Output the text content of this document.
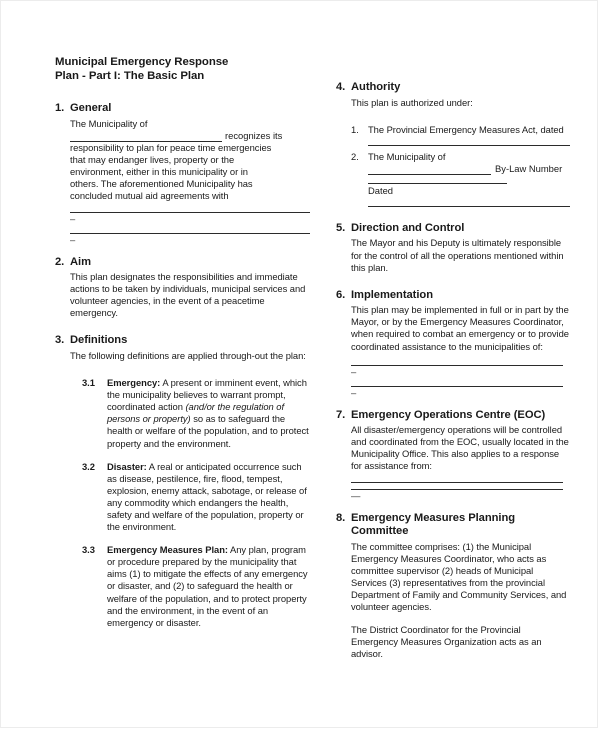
Municipal Emergency Response
Plan - Part I: The Basic Plan
1. General
The Municipality of
recognizes its
responsibility to plan for peace time emergencies
that may endanger lives, property or the
environment, either in this municipality or in
others. The aforementioned Municipality has
concluded mutual aid agreements with
–
–
2. Aim
This plan designates the responsibilities and immediate actions to be taken by individuals, municipal services and volunteer agencies, in the event of a peacetime emergency.
3. Definitions
The following definitions are applied through-out the plan:
3.1	Emergency: A present or imminent event, which the municipality believes to warrant prompt, coordinated action (and/or the regulation of persons or property) so as to safeguard the health or welfare of the population, and to protect property and the environment.
3.2	Disaster: A real or anticipated occurrence such as disease, pestilence, fire, flood, tempest, explosion, enemy attack, sabotage, or release of any commodity which endangers the health, safety and welfare of the population, property or the environment.
3.3	Emergency Measures Plan: Any plan, program or procedure prepared by the municipality that aims (1) to mitigate the effects of any emergency or disaster, and (2) to safeguard the health or welfare of the population, and to protect property and the environment, in the event of an emergency or disaster.
4. Authority
This plan is authorized under:
1. The Provincial Emergency Measures Act, dated
2. The Municipality of
By-Law Number
Dated
5. Direction and Control
The Mayor and his Deputy is ultimately responsible for the control of all the operations mentioned within this plan.
6. Implementation
This plan may be implemented in full or in part by the Mayor, or by the Emergency Measures Coordinator, when required to combat an emergency or to provide coordinated assistance to the municipalities of:
–
–
7. Emergency Operations Centre (EOC)
All disaster/emergency operations will be controlled and coordinated from the EOC, usually located in the Municipality Office. This also applies to a response for assistance from:
—
8. Emergency Measures Planning
Committee
The committee comprises: (1) the Municipal Emergency Measures Coordinator, who acts as committee supervisor (2) heads of Municipal Services (3) representatives from the provincial Department of Family and Community Services, and volunteer agencies.
The District Coordinator for the Provincial Emergency Measures Organization acts as an advisor.
